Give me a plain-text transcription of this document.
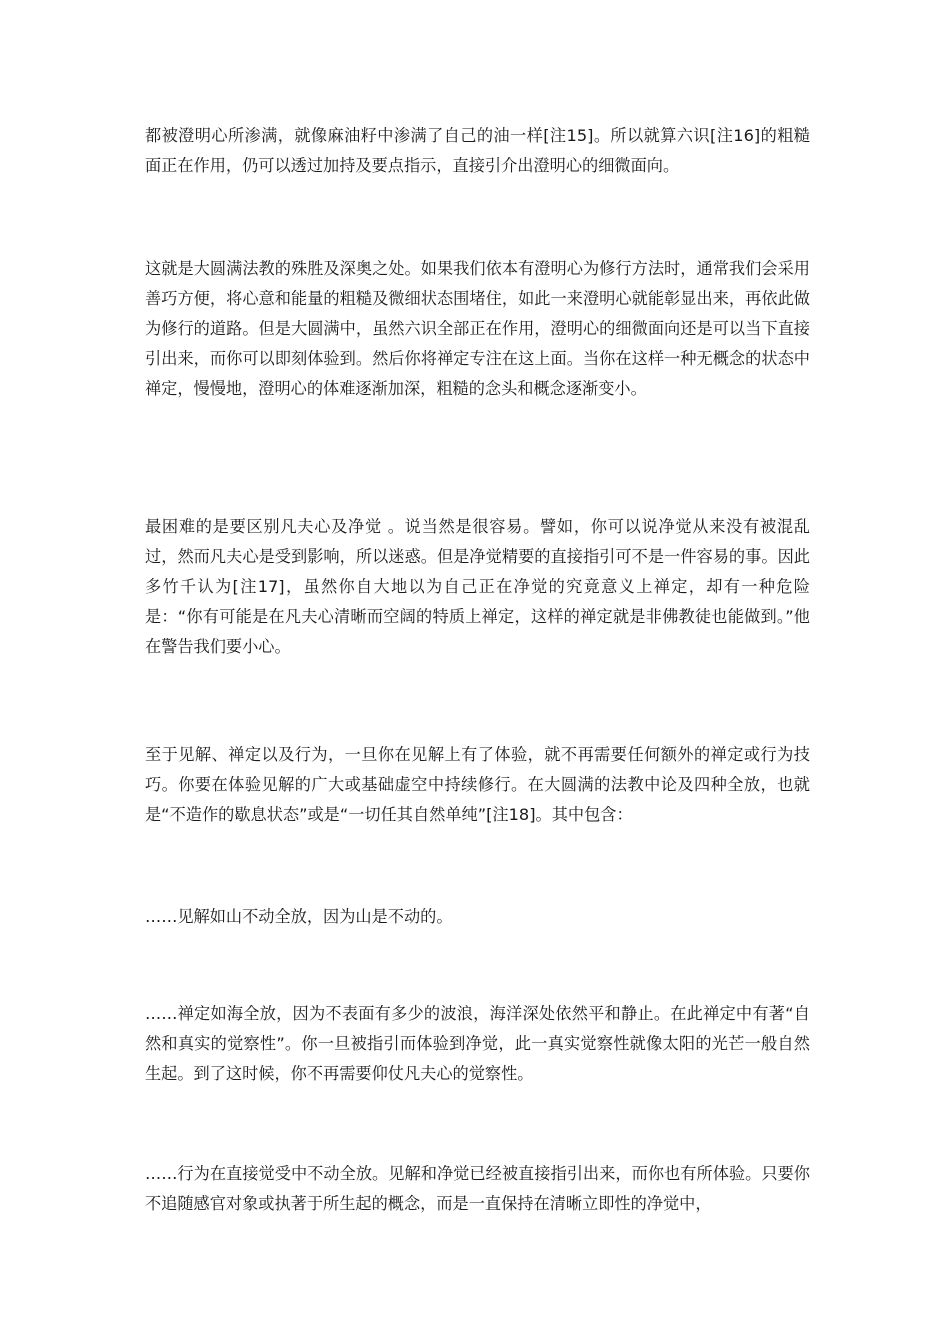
都被澄明心所渗满，就像麻油籽中渗满了自己的油一样[注15]。所以就算六识[注16]的粗糙面正在作用，仍可以透过加持及要点指示，直接引介出澄明心的细微面向。

这就是大圆满法教的殊胜及深奥之处。如果我们依本有澄明心为修行方法时，通常我们会采用善巧方便，将心意和能量的粗糙及微细状态围堵住，如此一来澄明心就能彰显出来，再依此做为修行的道路。但是大圆满中，虽然六识全部正在作用，澄明心的细微面向还是可以当下直接引出来，而你可以即刻体验到。然后你将禅定专注在这上面。当你在这样一种无概念的状态中禅定，慢慢地，澄明心的体难逐渐加深，粗糙的念头和概念逐渐变小。

最困难的是要区别凡夫心及净觉 。说当然是很容易。譬如，你可以说净觉从来没有被混乱过，然而凡夫心是受到影响，所以迷惑。但是净觉精要的直接指引可不是一件容易的事。因此多竹千认为[注17]，虽然你自大地以为自己正在净觉的究竟意义上禅定，却有一种危险是：“你有可能是在凡夫心清晰而空阔的特质上禅定，这样的禅定就是非佛教徒也能做到。”他在警告我们要小心。

至于见解、禅定以及行为，一旦你在见解上有了体验，就不再需要任何额外的禅定或行为技巧。你要在体验见解的广大或基础虚空中持续修行。在大圆满的法教中论及四种全放，也就是“不造作的歇息状态”或是“一切任其自然单纯”[注18]。其中包含：

……见解如山不动全放，因为山是不动的。

……禅定如海全放，因为不表面有多少的波浪，海洋深处依然平和静止。在此禅定中有著“自然和真实的觉察性”。你一旦被指引而体验到净觉，此一真实觉察性就像太阳的光芒一般自然生起。到了这时候，你不再需要仰仗凡夫心的觉察性。

……行为在直接觉受中不动全放。见解和净觉已经被直接指引出来，而你也有所体验。只要你不追随感官对象或执著于所生起的概念，而是一直保持在清晰立即性的净觉中，
